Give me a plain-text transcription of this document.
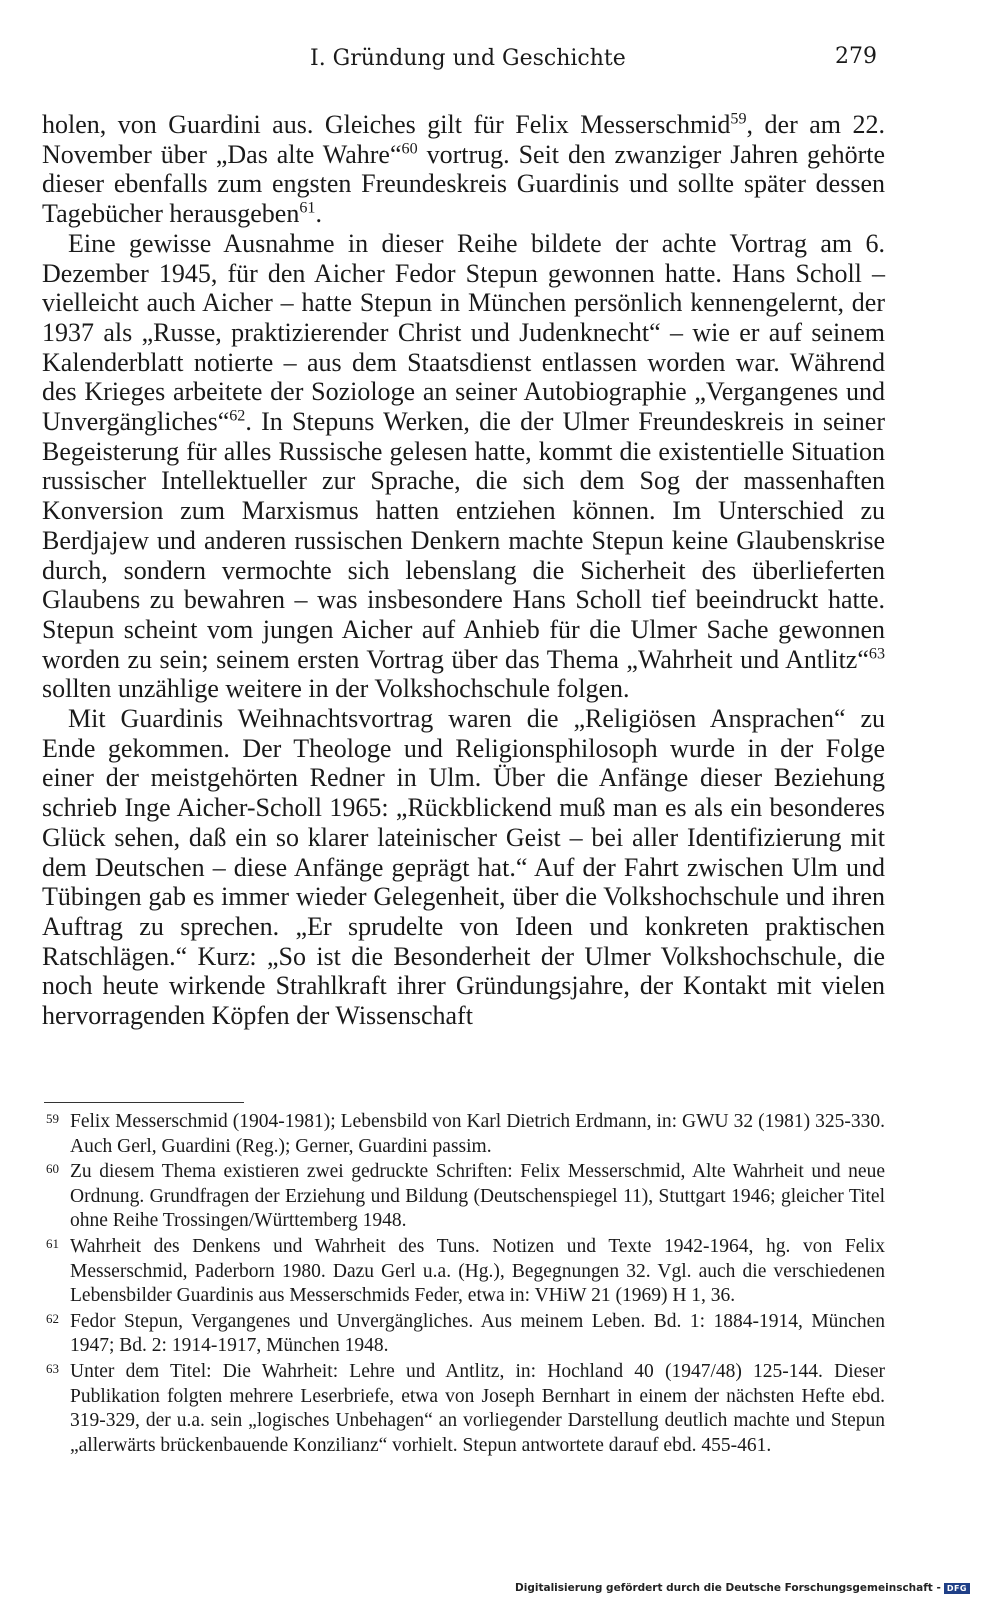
I. Gründung und Geschichte	279

holen, von Guardini aus. Gleiches gilt für Felix Messerschmid$^{59}$, der am 22. November über „Das alte Wahre“$^{60}$ vortrug. Seit den zwanziger Jahren gehörte dieser ebenfalls zum engsten Freundeskreis Guardinis und sollte später dessen Tagebücher herausgeben$^{61}$.

Eine gewisse Ausnahme in dieser Reihe bildete der achte Vortrag am 6. Dezember 1945, für den Aicher Fedor Stepun gewonnen hatte. Hans Scholl – vielleicht auch Aicher – hatte Stepun in München persönlich kennengelernt, der 1937 als „Russe, praktizierender Christ und Judenknecht“ – wie er auf seinem Kalenderblatt notierte – aus dem Staatsdienst entlassen worden war. Während des Krieges arbeitete der Soziologe an seiner Autobiographie „Vergangenes und Unvergängliches“$^{62}$. In Stepuns Werken, die der Ulmer Freundeskreis in seiner Begeisterung für alles Russische gelesen hatte, kommt die existentielle Situation russischer Intellektueller zur Sprache, die sich dem Sog der massenhaften Konversion zum Marxismus hatten entziehen können. Im Unterschied zu Berdjajew und anderen russischen Denkern machte Stepun keine Glaubenskrise durch, sondern vermochte sich lebenslang die Sicherheit des überlieferten Glaubens zu bewahren – was insbesondere Hans Scholl tief beeindruckt hatte. Stepun scheint vom jungen Aicher auf Anhieb für die Ulmer Sache gewonnen worden zu sein; seinem ersten Vortrag über das Thema „Wahrheit und Antlitz“$^{63}$ sollten unzählige weitere in der Volkshochschule folgen.

Mit Guardinis Weihnachtsvortrag waren die „Religiösen Ansprachen“ zu Ende gekommen. Der Theologe und Religionsphilosoph wurde in der Folge einer der meistgehörten Redner in Ulm. Über die Anfänge dieser Beziehung schrieb Inge Aicher-Scholl 1965: „Rückblickend muß man es als ein besonderes Glück sehen, daß ein so klarer lateinischer Geist – bei aller Identifizierung mit dem Deutschen – diese Anfänge geprägt hat.“ Auf der Fahrt zwischen Ulm und Tübingen gab es immer wieder Gelegenheit, über die Volkshochschule und ihren Auftrag zu sprechen. „Er sprudelte von Ideen und konkreten praktischen Ratschlägen.“ Kurz: „So ist die Besonderheit der Ulmer Volkshochschule, die noch heute wirkende Strahlkraft ihrer Gründungsjahre, der Kontakt mit vielen hervorragenden Köpfen der Wissenschaft

59 Felix Messerschmid (1904-1981); Lebensbild von Karl Dietrich Erdmann, in: GWU 32 (1981) 325-330. Auch Gerl, Guardini (Reg.); Gerner, Guardini passim.
60 Zu diesem Thema existieren zwei gedruckte Schriften: Felix Messerschmid, Alte Wahrheit und neue Ordnung. Grundfragen der Erziehung und Bildung (Deutschenspiegel 11), Stuttgart 1946; gleicher Titel ohne Reihe Trossingen/Württemberg 1948.
61 Wahrheit des Denkens und Wahrheit des Tuns. Notizen und Texte 1942-1964, hg. von Felix Messerschmid, Paderborn 1980. Dazu Gerl u.a. (Hg.), Begegnungen 32. Vgl. auch die verschiedenen Lebensbilder Guardinis aus Messerschmids Feder, etwa in: VHiW 21 (1969) H 1, 36.
62 Fedor Stepun, Vergangenes und Unvergängliches. Aus meinem Leben. Bd. 1: 1884-1914, München 1947; Bd. 2: 1914-1917, München 1948.
63 Unter dem Titel: Die Wahrheit: Lehre und Antlitz, in: Hochland 40 (1947/48) 125-144. Dieser Publikation folgten mehrere Leserbriefe, etwa von Joseph Bernhart in einem der nächsten Hefte ebd. 319-329, der u.a. sein „logisches Unbehagen“ an vorliegender Darstellung deutlich machte und Stepun „allerwärts brückenbauende Konzilianz“ vorhielt. Stepun antwortete darauf ebd. 455-461.
Digitalisierung gefördert durch die Deutsche Forschungsgemeinschaft - DFG
